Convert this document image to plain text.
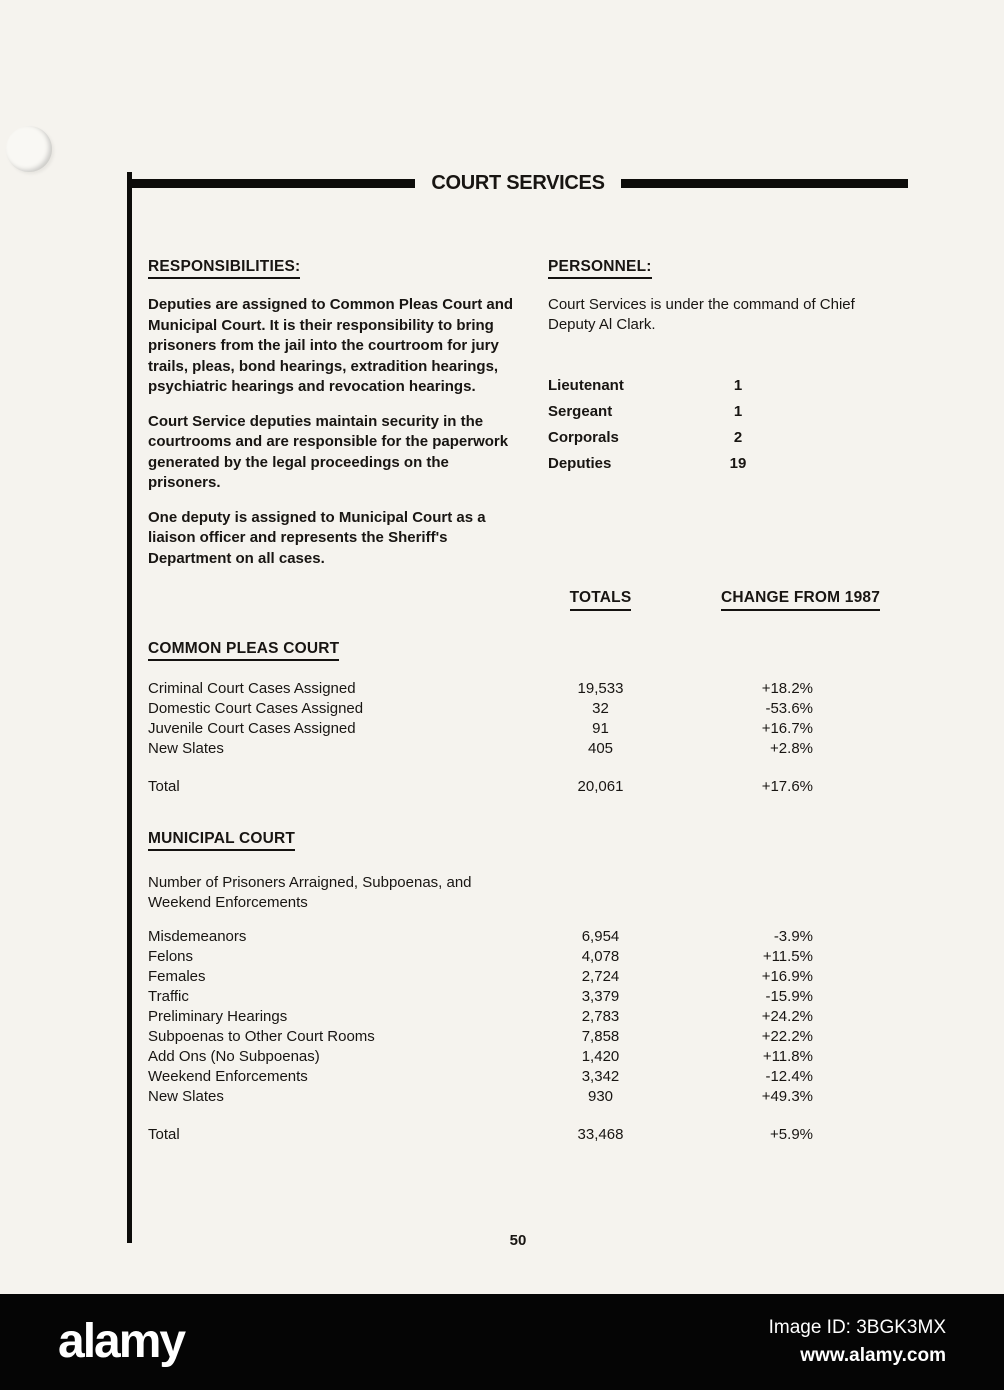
COURT SERVICES
RESPONSIBILITIES:

Deputies are assigned to Common Pleas Court and Municipal Court. It is their responsibility to bring prisoners from the jail into the courtroom for jury trails, pleas, bond hearings, extradition hearings, psychiatric hearings and revocation hearings.

Court Service deputies maintain security in the courtrooms and are responsible for the paperwork generated by the legal proceedings on the prisoners.

One deputy is assigned to Municipal Court as a liaison officer and represents the Sheriff's Department on all cases.

PERSONNEL:

Court Services is under the command of Chief Deputy Al Clark.

Lieutenant	1
Sergeant	1
Corporals	2
Deputies	19
TOTALS	CHANGE FROM 1987
COMMON PLEAS COURT
Criminal Court Cases Assigned	19,533	+18.2%
Domestic Court Cases Assigned	32	-53.6%
Juvenile Court Cases Assigned	91	+16.7%
New Slates	405	+2.8%
Total	20,061	+17.6%
MUNICIPAL COURT

Number of Prisoners Arraigned, Subpoenas, and Weekend Enforcements

Misdemeanors	6,954	-3.9%
Felons	4,078	+11.5%
Females	2,724	+16.9%
Traffic	3,379	-15.9%
Preliminary Hearings	2,783	+24.2%
Subpoenas to Other Court Rooms	7,858	+22.2%
Add Ons (No Subpoenas)	1,420	+11.8%
Weekend Enforcements	3,342	-12.4%
New Slates	930	+49.3%
Total	33,468	+5.9%
50
alamy	Image ID: 3BGK3MX
www.alamy.com
